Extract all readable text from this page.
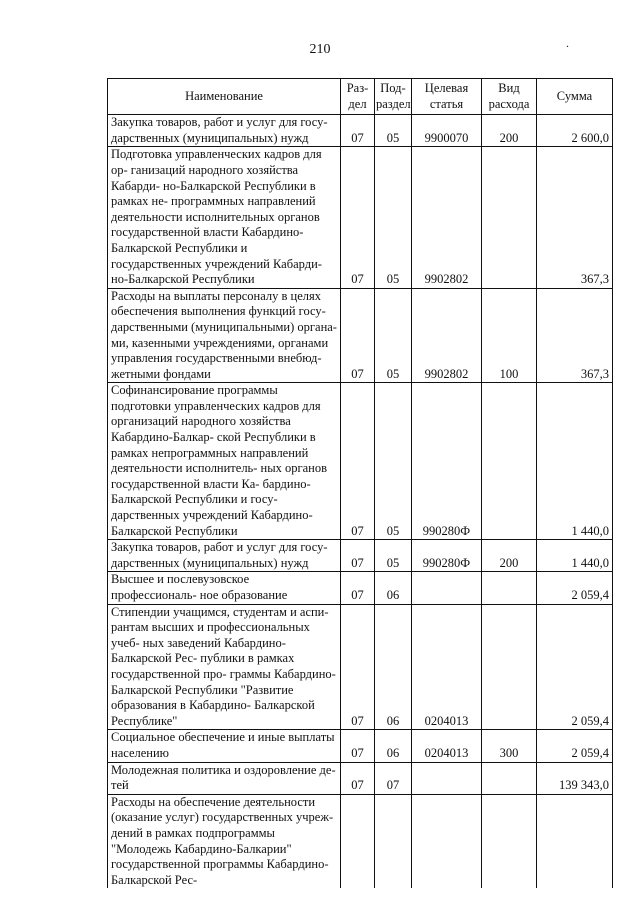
210	.
Наименование	Раз- дел	Под- раздел	Целевая статья	Вид расхода	Сумма
Закупка товаров, работ и услуг для госу- дарственных (муниципальных) нужд	07	05	9900070	200	2 600,0
Подготовка управленческих кадров для ор- ганизаций народного хозяйства Кабарди- но-Балкарской Республики в рамках не- программных направлений деятельности исполнительных органов государственной власти Кабардино-Балкарской Республики и государственных учреждений Кабарди- но-Балкарской Республики	07	05	9902802		367,3
Расходы на выплаты персоналу в целях обеспечения выполнения функций госу- дарственными (муниципальными) органа- ми, казенными учреждениями, органами управления государственными внебюд- жетными фондами	07	05	9902802	100	367,3
Софинансирование программы подготовки управленческих кадров для организаций народного хозяйства Кабардино-Балкар- ской Республики в рамках непрограммных направлений деятельности исполнитель- ных органов государственной власти Ка- бардино-Балкарской Республики и госу- дарственных учреждений Кабардино- Балкарской Республики	07	05	990280Ф		1 440,0
Закупка товаров, работ и услуг для госу- дарственных (муниципальных) нужд	07	05	990280Ф	200	1 440,0
Высшее и послевузовское профессиональ- ное образование	07	06			2 059,4
Стипендии учащимся, студентам и аспи- рантам высших и профессиональных учеб- ных заведений Кабардино-Балкарской Рес- публики в рамках государственной про- граммы Кабардино-Балкарской Республики "Развитие образования в Кабардино- Балкарской Республике"	07	06	0204013		2 059,4
Социальное обеспечение и иные выплаты населению	07	06	0204013	300	2 059,4
Молодежная политика и оздоровление де- тей	07	07			139 343,0
Расходы на обеспечение деятельности (оказание услуг) государственных учреж- дений в рамках подпрограммы "Молодежь Кабардино-Балкарии" государственной программы Кабардино-Балкарской Рес-					
